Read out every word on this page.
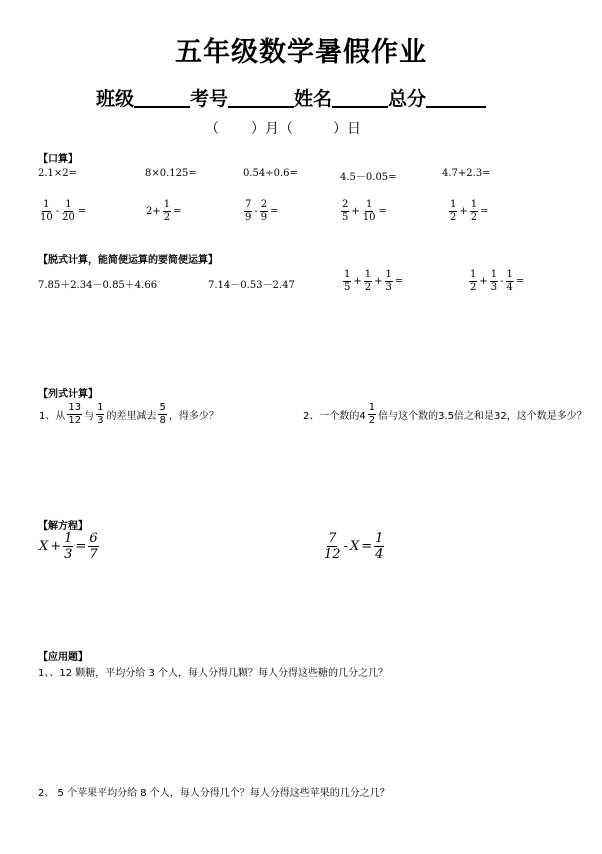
五年级数学暑假作业
班级	考号	姓名	总分
（ ）月（	）日
【口算】
2.1×2=	8×0.125=	0.54÷0.6=	4.5－0.05=	4.7+2.3=
$\frac{1}{10} - \frac{1}{20}$ =	$2+ \frac{1}{2}$ =	$\frac{7}{9} - \frac{2}{9}$ =	$\frac{2}{5} + \frac{1}{10}$ =	$\frac{1}{2} + \frac{1}{2}$ =
【脱式计算，能简便运算的要简便运算】
7.85＋2.34－0.85＋4.66	7.14－0.53－2.47	$\frac{1}{5} + \frac{1}{2} + \frac{1}{3}$ =	$\frac{1}{2} + \frac{1}{3} - \frac{1}{4}$ =
【列式计算】
1、从 $\frac{13}{12}$ 与 $\frac{1}{3}$ 的差里减去 $\frac{5}{8}$ ，得多少？	2、一个数的$4 \frac{1}{2}$ 倍与这个数的3.5倍之和是32，这个数是多少？
【解方程】
$X + \frac{1}{3} = \frac{6}{7}$	$\frac{7}{12} - X = \frac{1}{4}$
【应用题】
1、、12 颗糖，平均分给 3 个人，每人分得几颗？每人分得这些糖的几分之几？
2、 5 个苹果平均分给 8 个人，每人分得几个？每人分得这些苹果的几分之几？
